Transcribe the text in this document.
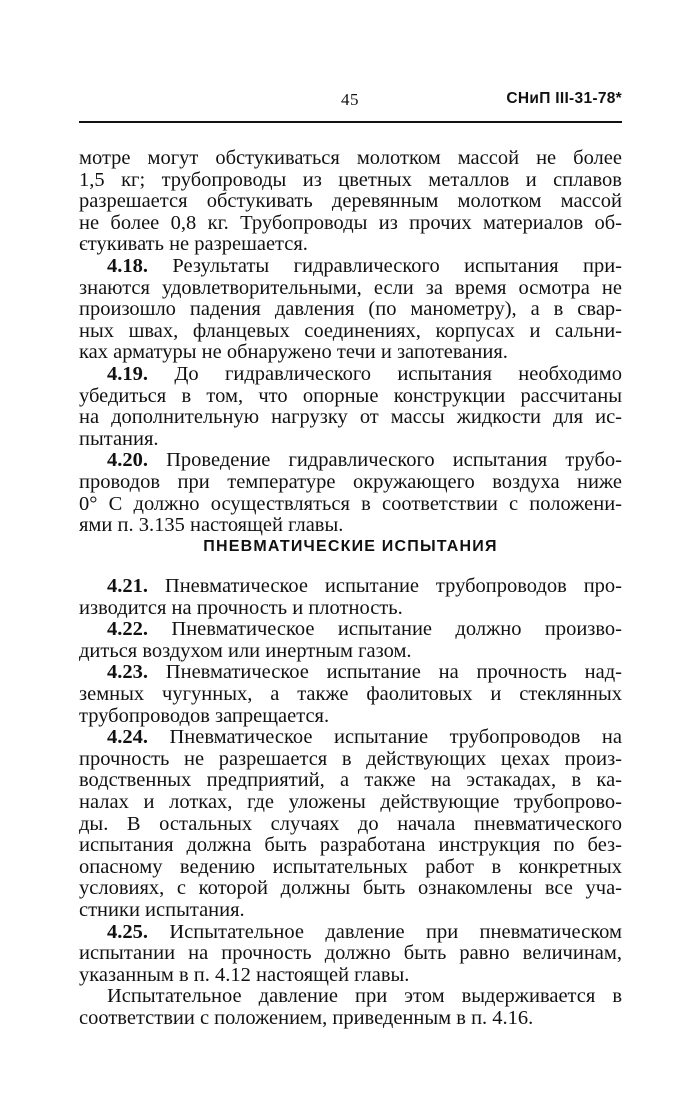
45	СНиП III-31-78*
мотре могут обстукиваться молотком массой не более
1,5 кг; трубопроводы из цветных металлов и сплавов
разрешается обстукивать деревянным молотком массой
не более 0,8 кг. Трубопроводы из прочих материалов об-
єтукивать не разрешается.
4.18. Результаты гидравлического испытания при-
знаются удовлетворительными, если за время осмотра не
произошло падения давления (по манометру), а в свар-
ных швах, фланцевых соединениях, корпусах и сальни-
ках арматуры не обнаружено течи и запотевания.
4.19. До гидравлического испытания необходимо
убедиться в том, что опорные конструкции рассчитаны
на дополнительную нагрузку от массы жидкости для ис-
пытания.
4.20. Проведение гидравлического испытания трубо-
проводов при температуре окружающего воздуха ниже
0° С должно осуществляться в соответствии с положени-
ями п. 3.135 настоящей главы.
ПНЕВМАТИЧЕСКИЕ ИСПЫТАНИЯ
4.21. Пневматическое испытание трубопроводов про-
изводится на прочность и плотность.
4.22. Пневматическое испытание должно произво-
диться воздухом или инертным газом.
4.23. Пневматическое испытание на прочность над-
земных чугунных, а также фаолитовых и стеклянных
трубопроводов запрещается.
4.24. Пневматическое испытание трубопроводов на
прочность не разрешается в действующих цехах произ-
водственных предприятий, а также на эстакадах, в ка-
налах и лотках, где уложены действующие трубопрово-
ды. В остальных случаях до начала пневматического
испытания должна быть разработана инструкция по без-
опасному ведению испытательных работ в конкретных
условиях, с которой должны быть ознакомлены все уча-
стники испытания.
4.25. Испытательное давление при пневматическом
испытании на прочность должно быть равно величинам,
указанным в п. 4.12 настоящей главы.
Испытательное давление при этом выдерживается в
соответствии с положением, приведенным в п. 4.16.
